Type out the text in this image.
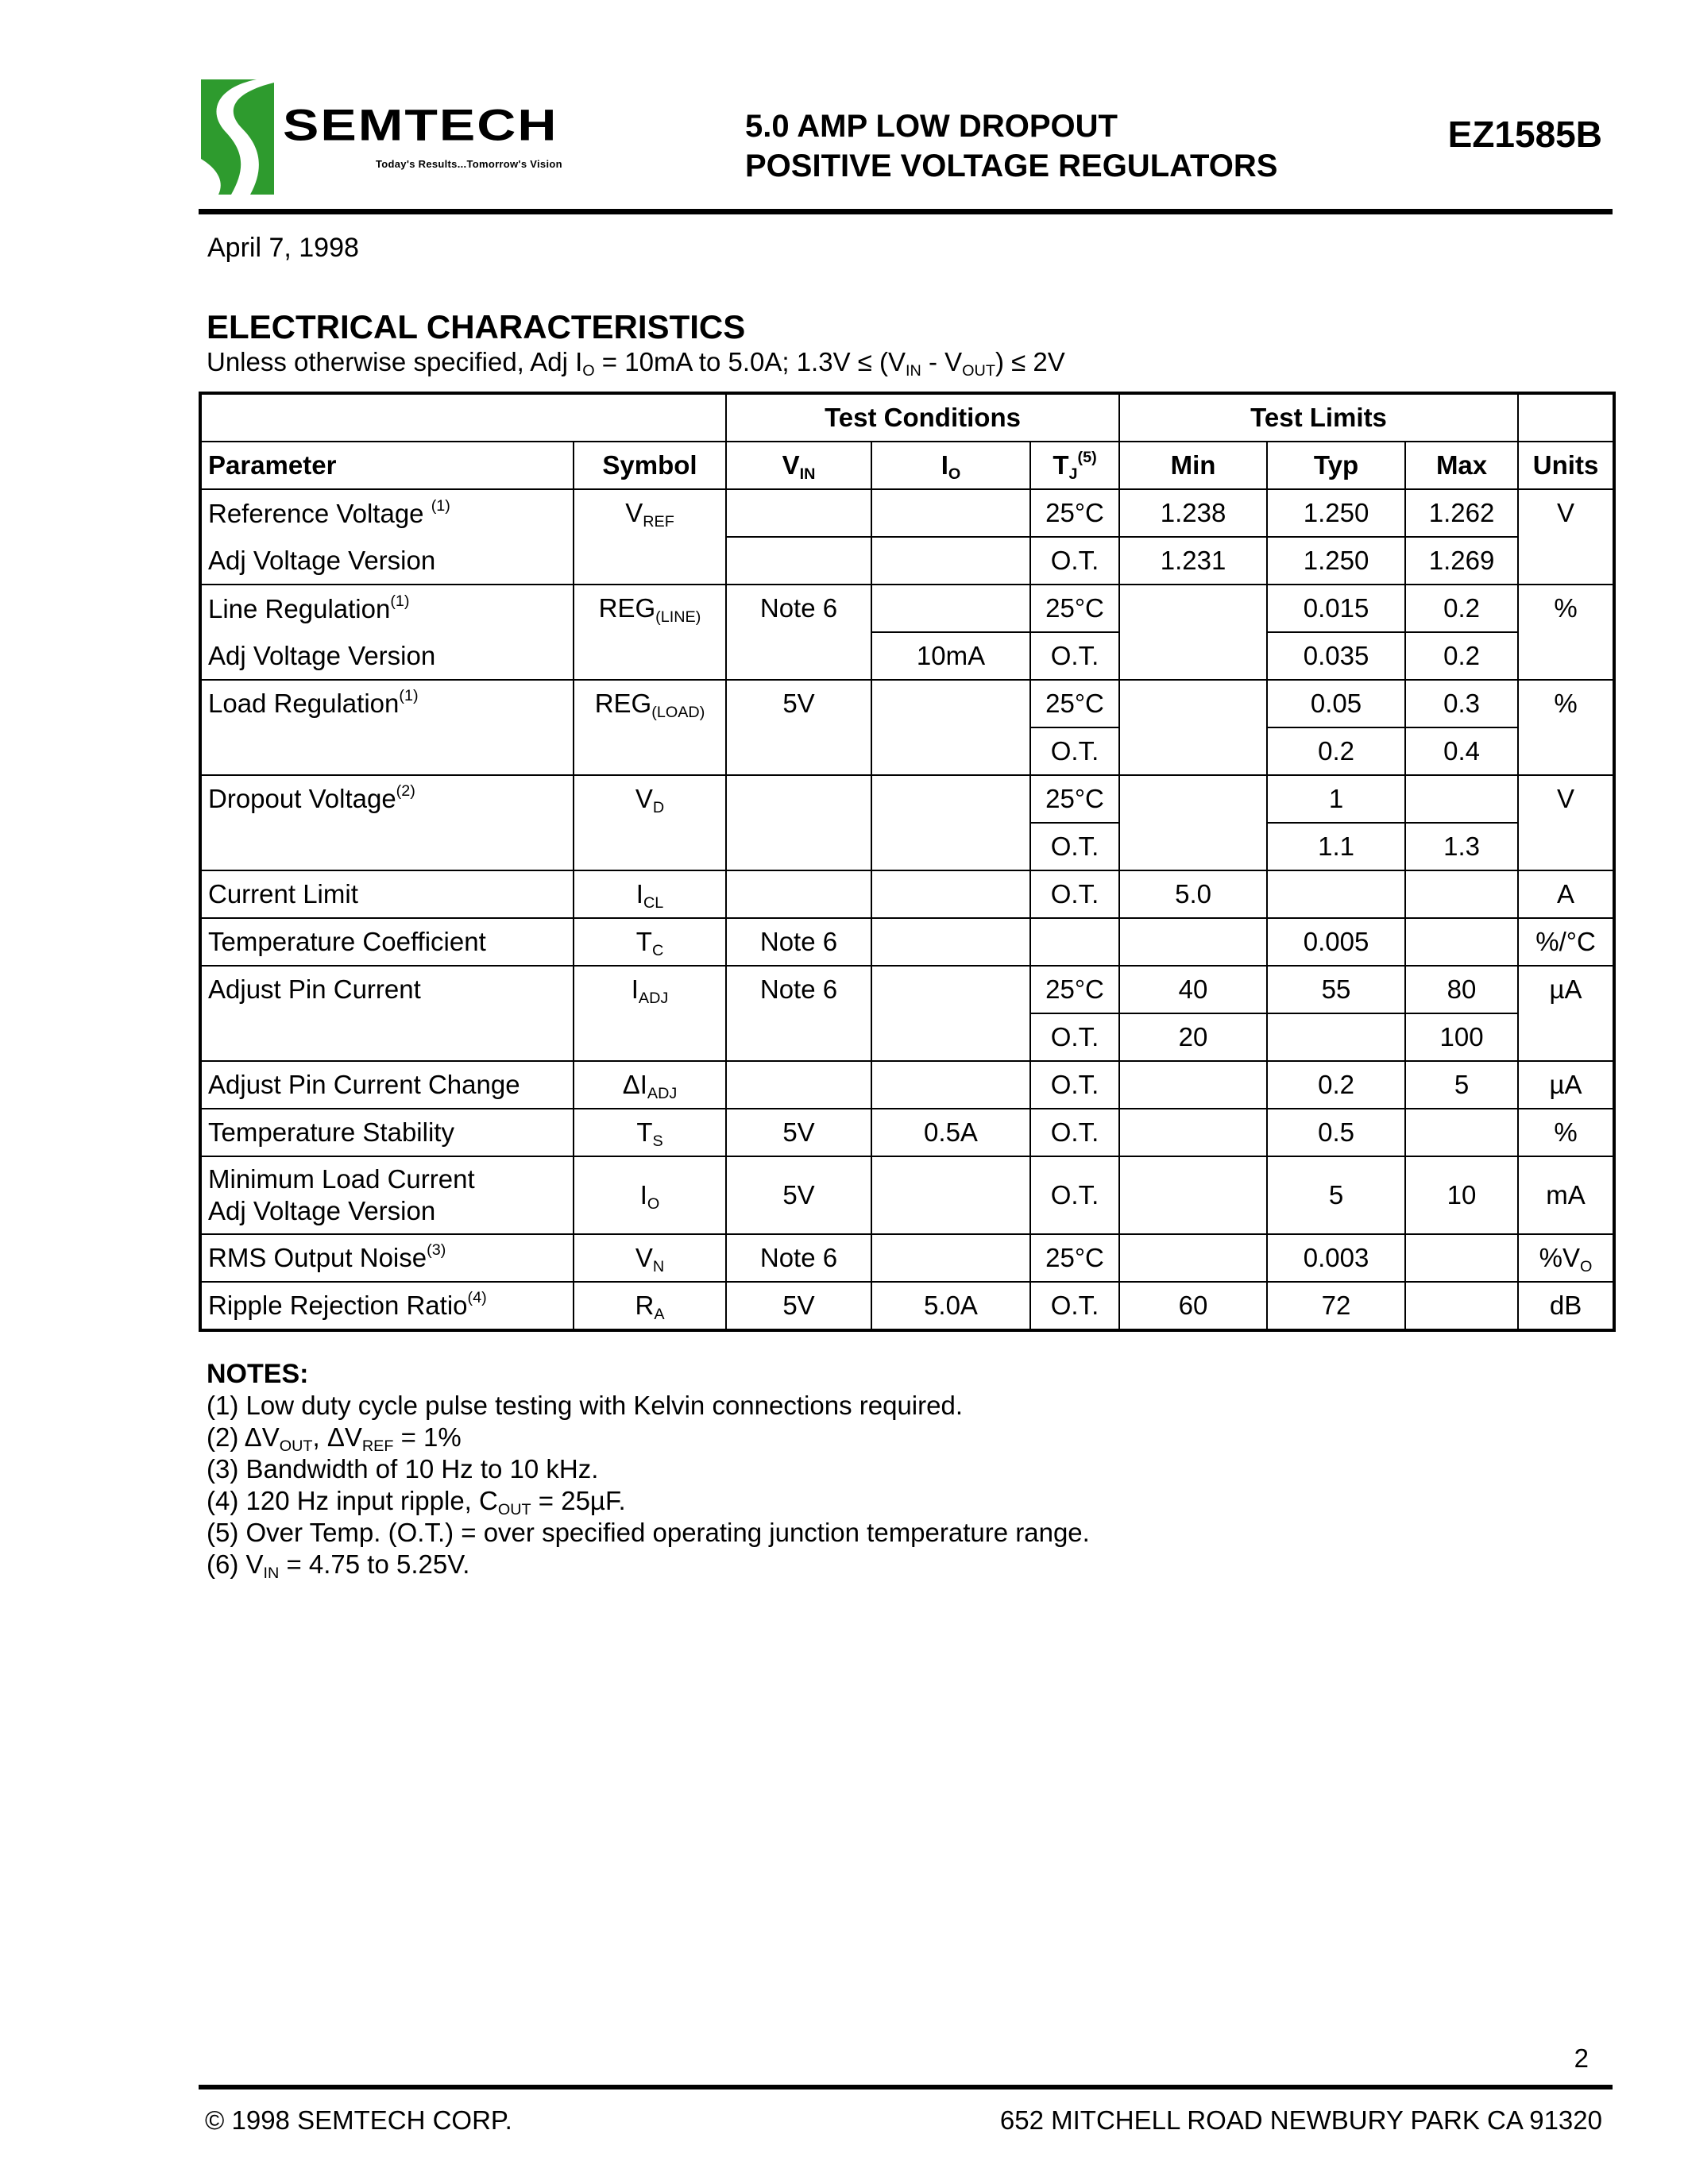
SEMTECH
Today's Results...Tomorrow's Vision
5.0 AMP LOW DROPOUT
POSITIVE VOLTAGE REGULATORS
EZ1585B
April 7, 1998
ELECTRICAL CHARACTERISTICS
Unless otherwise specified, Adj $I_O = 10mA$ to 5.0A; $1.3V \le (V_{IN} - V_{OUT}) \le 2V$
		Test Conditions			Test Limits			
Parameter	Symbol	$V_{IN}$	$I_O$	$T_J^{(5)}$	Min	Typ	Max	Units
Reference Voltage $^{(1)}$	$V_{REF}$			25°C	1.238	1.250	1.262	V
Adj Voltage Version				O.T.	1.231	1.250	1.269	
Line Regulation$^{(1)}$	$REG_{(LINE)}$	Note 6		25°C		0.015	0.2	%
Adj Voltage Version			10mA	O.T.		0.035	0.2	
Load Regulation$^{(1)}$	$REG_{(LOAD)}$	5V		25°C		0.05	0.3	%
				O.T.		0.2	0.4	
Dropout Voltage$^{(2)}$	$V_D$			25°C		1		V
				O.T.		1.1	1.3	
Current Limit	$I_{CL}$			O.T.	5.0			A
Temperature Coefficient	$T_C$	Note 6				0.005		%/°C
Adjust Pin Current	$I_{ADJ}$	Note 6		25°C	40	55	80	µA
				O.T.	20		100	
Adjust Pin Current Change	$\Delta I_{ADJ}$			O.T.		0.2	5	µA
Temperature Stability	$T_S$	5V	0.5A	O.T.		0.5		%

Minimum Load Current
Adj Voltage Version	$I_O$	5V		O.T.		5	10	mA
RMS Output Noise$^{(3)}$	$V_N$	Note 6		25°C		0.003		$\%V_O$
Ripple Rejection Ratio$^{(4)}$	$R_A$	5V	5.0A	O.T.	60	72		dB
NOTES:
(1) Low duty cycle pulse testing with Kelvin connections required.
(2) $\Delta V_{OUT}$, $\Delta V_{REF} = 1\%$
(3) Bandwidth of 10 Hz to 10 kHz.
(4) 120 Hz input ripple, $C_{OUT} = 25\mu F$.
(5) Over Temp. (O.T.) = over specified operating junction temperature range.
(6) $V_{IN} = 4.75$ to 5.25V.
2
© 1998 SEMTECH CORP.	652 MITCHELL ROAD NEWBURY PARK CA 91320
